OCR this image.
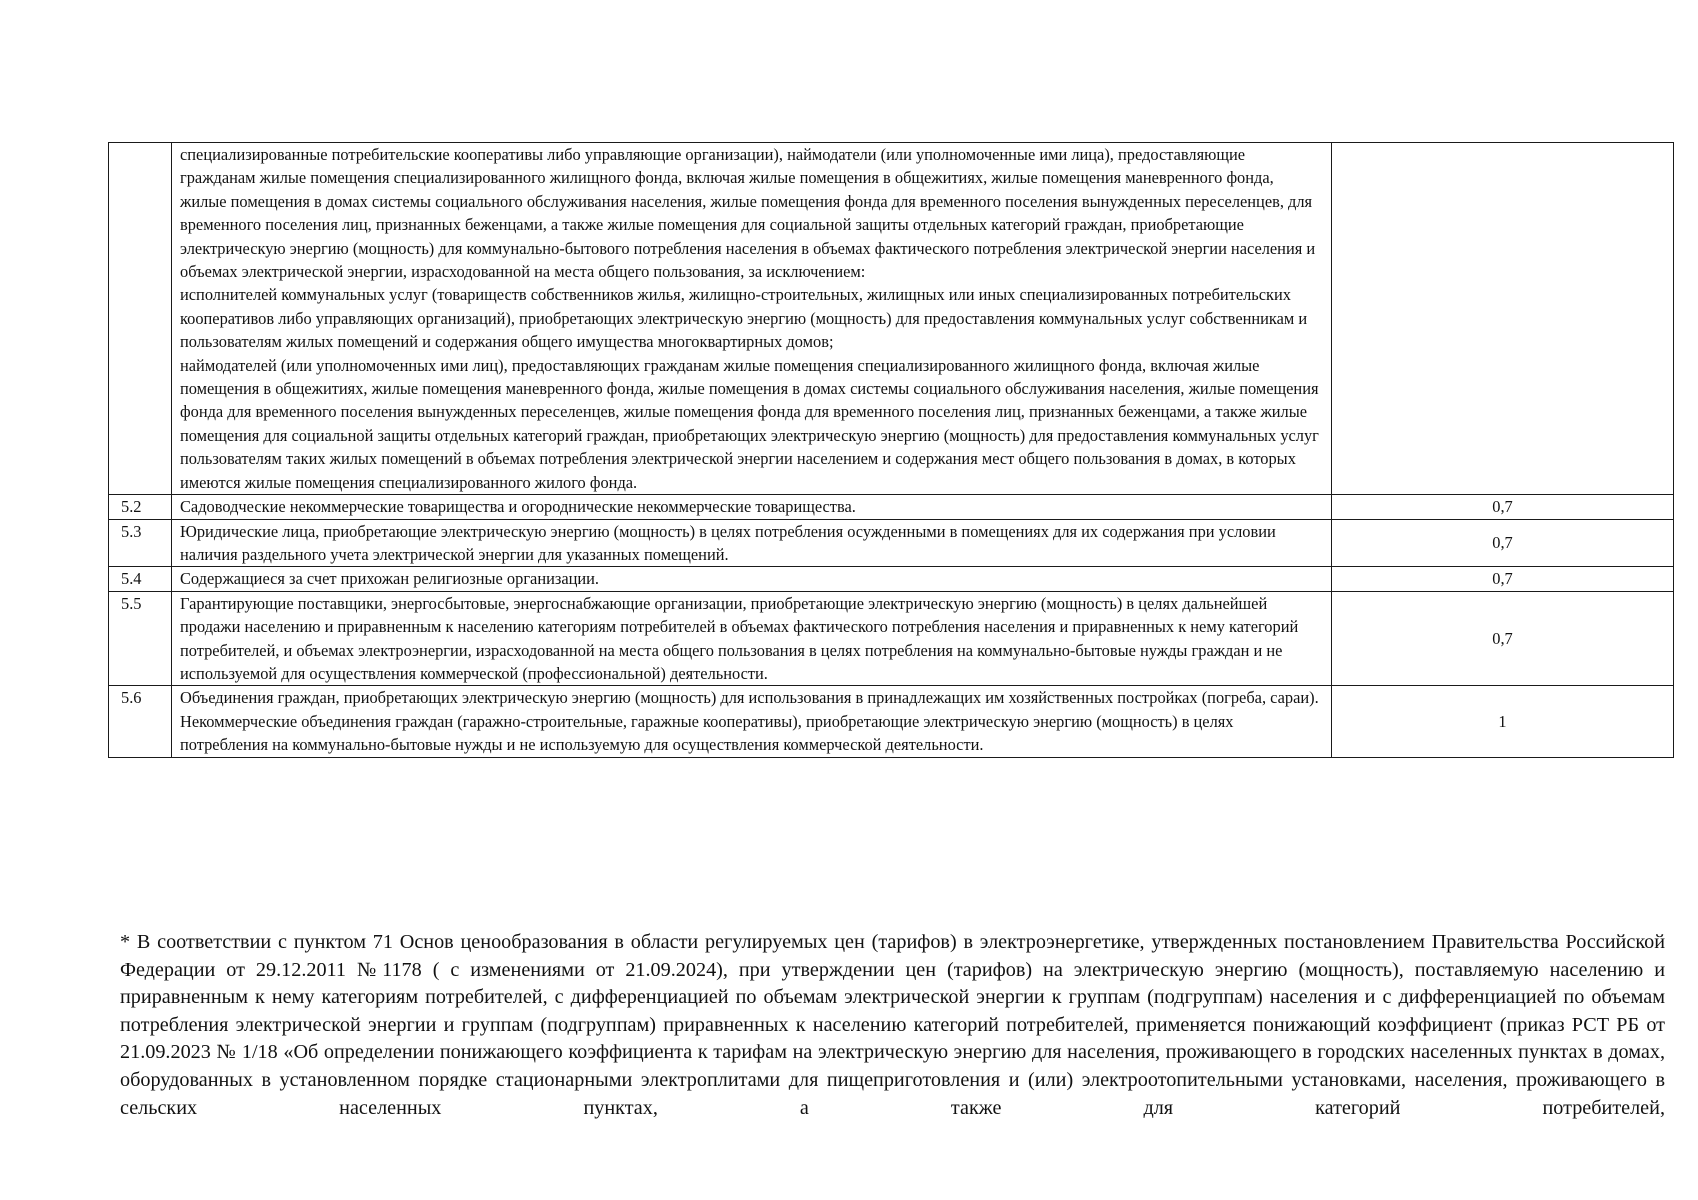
	специализированные потребительские кооперативы либо управляющие организации), наймодатели (или уполномоченные ими лица), предоставляющие гражданам жилые помещения специализированного жилищного фонда, включая жилые помещения в общежитиях, жилые помещения маневренного фонда, жилые помещения в домах системы социального обслуживания населения, жилые помещения фонда для временного поселения вынужденных переселенцев, для временного поселения лиц, признанных беженцами, а также жилые помещения для социальной защиты отдельных категорий граждан, приобретающие электрическую энергию (мощность) для коммунально-бытового потребления населения в объемах фактического потребления электрической энергии населения и объемах электрической энергии, израсходованной на места общего пользования, за исключением:
исполнителей коммунальных услуг (товариществ собственников жилья, жилищно-строительных, жилищных или иных специализированных потребительских кооперативов либо управляющих организаций), приобретающих электрическую энергию (мощность) для предоставления коммунальных услуг собственникам и пользователям жилых помещений и содержания общего имущества многоквартирных домов;
наймодателей (или уполномоченных ими лиц), предоставляющих гражданам жилые помещения специализированного жилищного фонда, включая жилые помещения в общежитиях, жилые помещения маневренного фонда, жилые помещения в домах системы социального обслуживания населения, жилые помещения фонда для временного поселения вынужденных переселенцев, жилые помещения фонда для временного поселения лиц, признанных беженцами, а также жилые помещения для социальной защиты отдельных категорий граждан, приобретающих электрическую энергию (мощность) для предоставления коммунальных услуг пользователям таких жилых помещений в объемах потребления электрической энергии населением и содержания мест общего пользования в домах, в которых имеются жилые помещения специализированного жилого фонда.	

5.2	Садоводческие некоммерческие товарищества и огороднические некоммерческие товарищества.	0,7
5.3	Юридические лица, приобретающие электрическую энергию (мощность) в целях потребления осужденными в помещениях для их содержания при условии наличия раздельного учета электрической энергии для указанных помещений.	0,7
5.4	Содержащиеся за счет прихожан религиозные организации.	0,7
5.5	Гарантирующие поставщики, энергосбытовые, энергоснабжающие организации, приобретающие электрическую энергию (мощность) в целях дальнейшей продажи населению и приравненным к населению категориям потребителей в объемах фактического потребления населения и приравненных к нему категорий потребителей, и объемах электроэнергии, израсходованной на места общего пользования в целях потребления на коммунально-бытовые нужды граждан и не используемой для осуществления коммерческой (профессиональной) деятельности.	0,7
5.6	Объединения граждан, приобретающих электрическую энергию (мощность) для использования в принадлежащих им хозяйственных постройках (погреба, сараи).
Некоммерческие объединения граждан (гаражно-строительные, гаражные кооперативы), приобретающие электрическую энергию (мощность) в целях потребления на коммунально-бытовые нужды и не используемую для осуществления коммерческой деятельности.	1
* В соответствии с пунктом 71 Основ ценообразования в области регулируемых цен (тарифов) в электроэнергетике, утвержденных постановлением Правительства Российской Федерации от 29.12.2011 №1178 ( с изменениями от 21.09.2024), при утверждении цен (тарифов) на электрическую энергию (мощность), поставляемую населению и приравненным к нему категориям потребителей, с дифференциацией по объемам электрической энергии к группам (подгруппам) населения и с дифференциацией по объемам потребления электрической энергии и группам (подгруппам) приравненных к населению категорий потребителей, применяется понижающий коэффициент (приказ РСТ РБ от 21.09.2023 № 1/18 «Об определении понижающего коэффициента к тарифам на электрическую энергию для населения, проживающего в городских населенных пунктах в домах, оборудованных в установленном порядке стационарными электроплитами для пищеприготовления и (или) электроотопительными установками, населения, проживающего в сельских населенных пунктах, а также для категорий потребителей,
